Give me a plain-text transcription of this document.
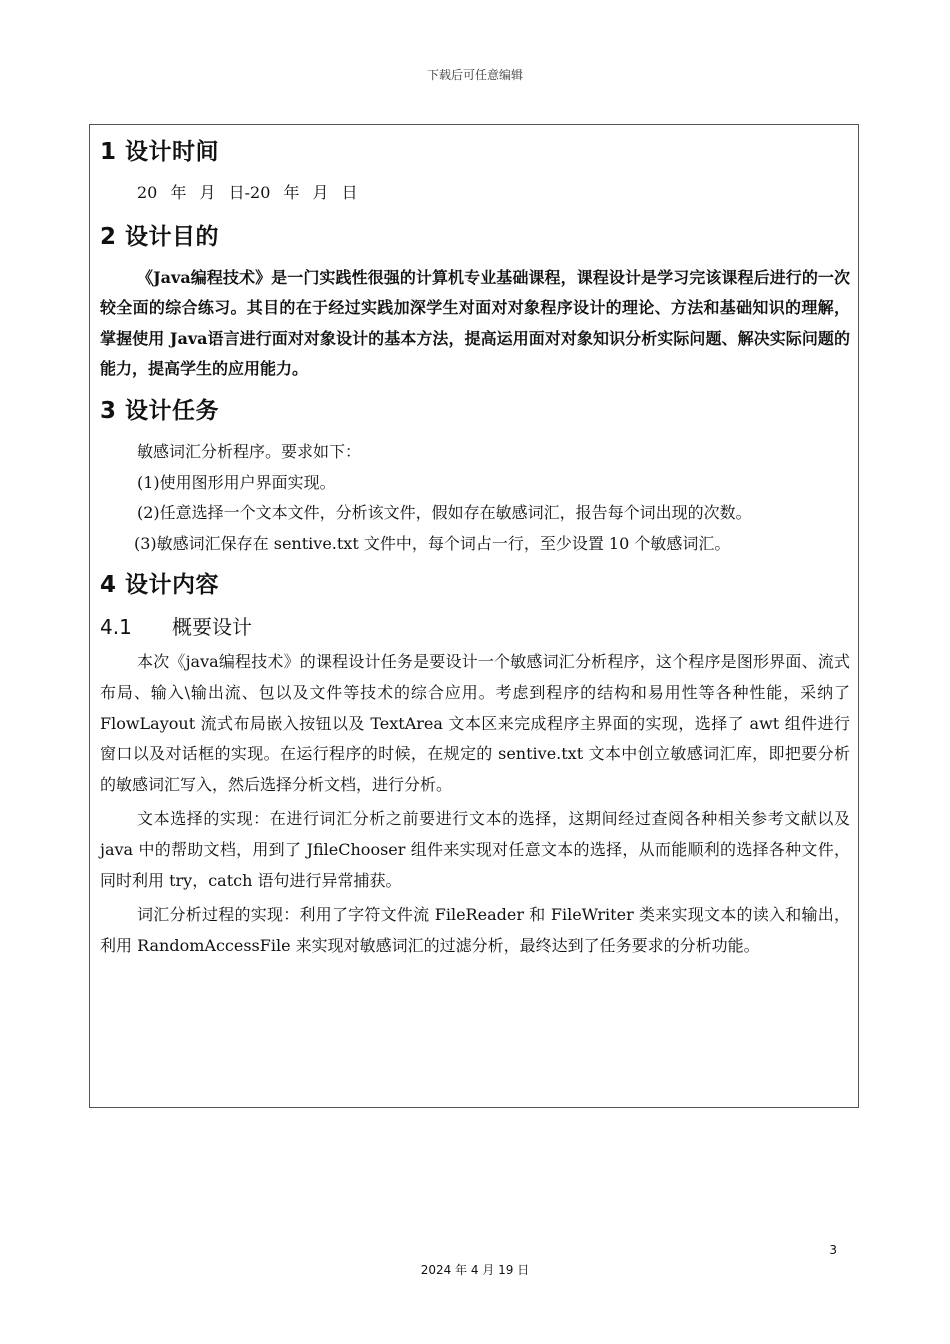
下载后可任意编辑
1 设计时间

20 年 月 日-20 年 月 日

2 设计目的

《Java编程技术》是一门实践性很强的计算机专业基础课程，课程设计是学习完该课程后进行的一次较全面的综合练习。其目的在于经过实践加深学生对面对对象程序设计的理论、方法和基础知识的理解，掌握使用 Java语言进行面对对象设计的基本方法，提高运用面对对象知识分析实际问题、解决实际问题的能力，提高学生的应用能力。

3 设计任务

敏感词汇分析程序。要求如下：

(1)使用图形用户界面实现。

(2)任意选择一个文本文件，分析该文件，假如存在敏感词汇，报告每个词出现的次数。

(3)敏感词汇保存在 sentive.txt 文件中，每个词占一行，至少设置 10 个敏感词汇。

4 设计内容
4.1 概要设计

本次《java编程技术》的课程设计任务是要设计一个敏感词汇分析程序，这个程序是图形界面、流式布局、输入\输出流、包以及文件等技术的综合应用。考虑到程序的结构和易用性等各种性能，采纳了 FlowLayout 流式布局嵌入按钮以及 TextArea 文本区来完成程序主界面的实现，选择了 awt 组件进行窗口以及对话框的实现。在运行程序的时候，在规定的 sentive.txt 文本中创立敏感词汇库，即把要分析的敏感词汇写入，然后选择分析文档，进行分析。

文本选择的实现：在进行词汇分析之前要进行文本的选择，这期间经过查阅各种相关参考文献以及 java 中的帮助文档，用到了 JfileChooser 组件来实现对任意文本的选择，从而能顺利的选择各种文件，同时利用 try，catch 语句进行异常捕获。

词汇分析过程的实现：利用了字符文件流 FileReader 和 FileWriter 类来实现文本的读入和输出，利用 RandomAccessFile 来实现对敏感词汇的过滤分析，最终达到了任务要求的分析功能。

3
2024 年 4 月 19 日
